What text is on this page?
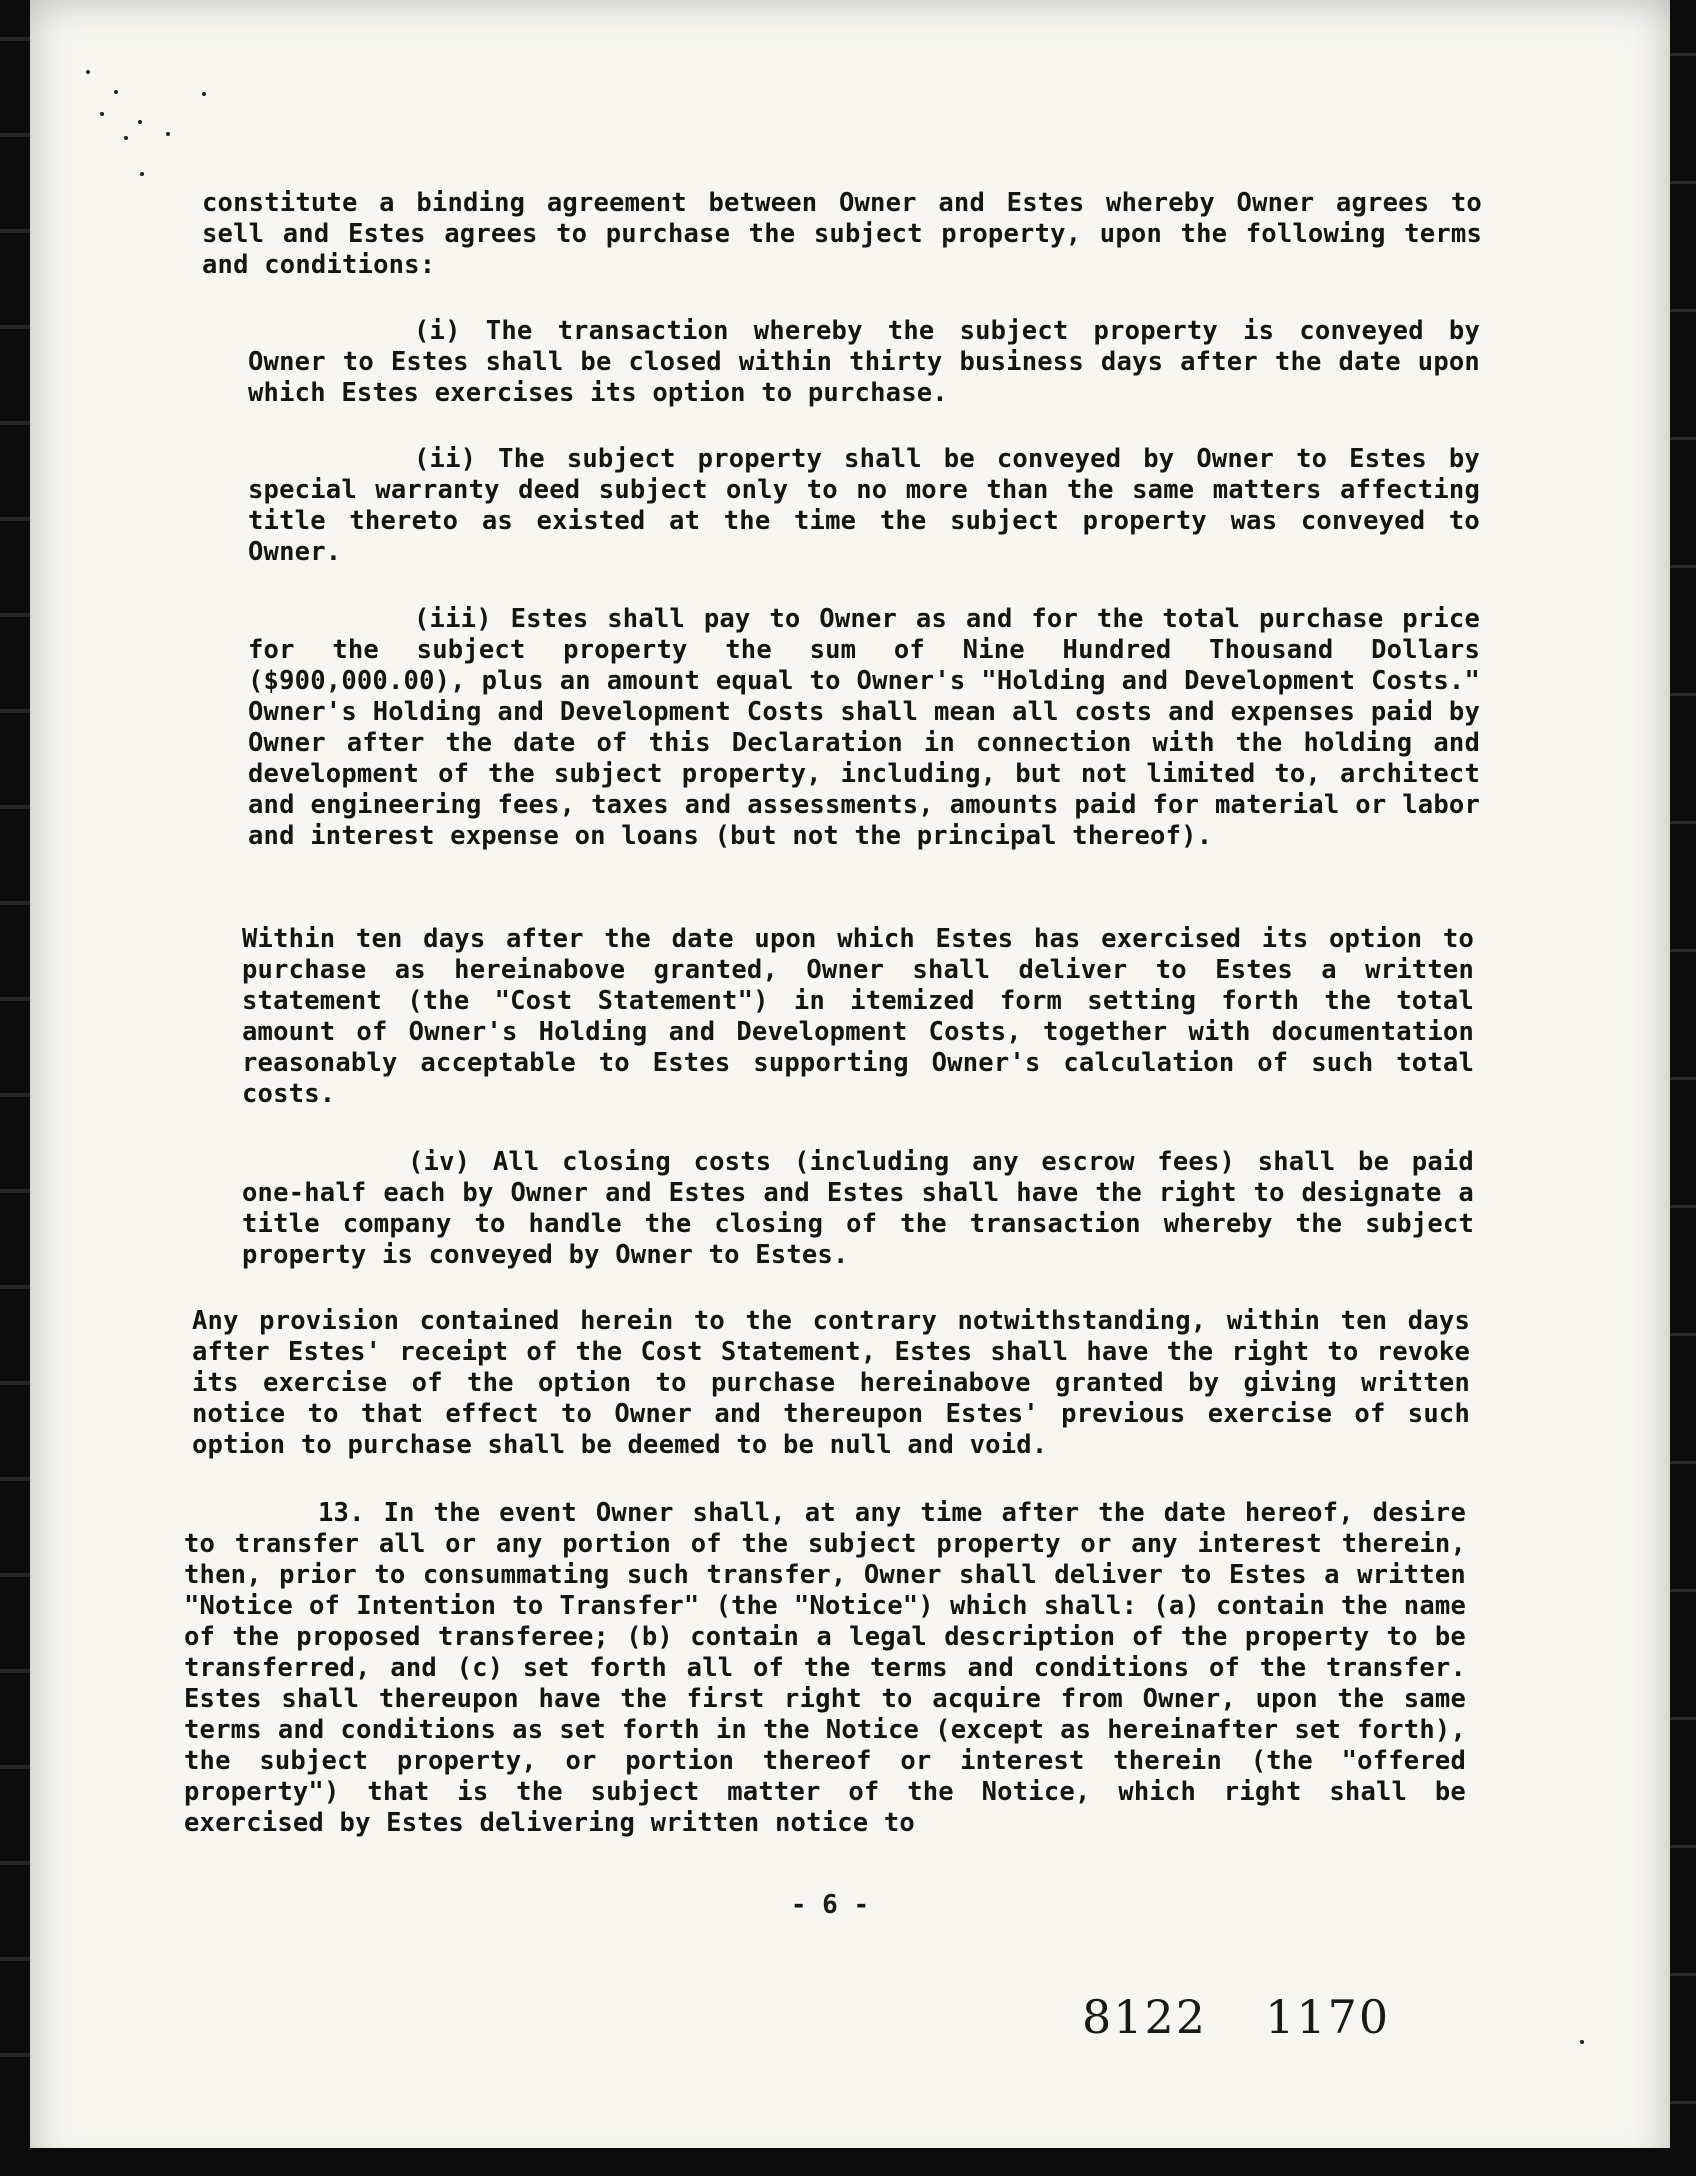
constitute a binding agreement between Owner and Estes whereby Owner agrees to sell and Estes agrees to purchase the subject property, upon the following terms and conditions:
(i) The transaction whereby the subject property is conveyed by Owner to Estes shall be closed within thirty business days after the date upon which Estes exercises its option to purchase.
(ii) The subject property shall be conveyed by Owner to Estes by special warranty deed subject only to no more than the same matters affecting title thereto as existed at the time the subject property was conveyed to Owner.
(iii) Estes shall pay to Owner as and for the total purchase price for the subject property the sum of Nine Hundred Thousand Dollars ($900,000.00), plus an amount equal to Owner's "Holding and Development Costs." Owner's Holding and Development Costs shall mean all costs and expenses paid by Owner after the date of this Declaration in connection with the holding and development of the subject property, including, but not limited to, architect and engineering fees, taxes and assessments, amounts paid for material or labor and interest expense on loans (but not the principal thereof).
Within ten days after the date upon which Estes has exercised its option to purchase as hereinabove granted, Owner shall deliver to Estes a written statement (the "Cost Statement") in itemized form setting forth the total amount of Owner's Holding and Development Costs, together with documentation reasonably acceptable to Estes supporting Owner's calculation of such total costs.
(iv) All closing costs (including any escrow fees) shall be paid one-half each by Owner and Estes and Estes shall have the right to designate a title company to handle the closing of the transaction whereby the subject property is conveyed by Owner to Estes.
Any provision contained herein to the contrary notwithstanding, within ten days after Estes' receipt of the Cost Statement, Estes shall have the right to revoke its exercise of the option to purchase hereinabove granted by giving written notice to that effect to Owner and thereupon Estes' previous exercise of such option to purchase shall be deemed to be null and void.
13. In the event Owner shall, at any time after the date hereof, desire to transfer all or any portion of the subject property or any interest therein, then, prior to consummating such transfer, Owner shall deliver to Estes a written "Notice of Intention to Transfer" (the "Notice") which shall: (a) contain the name of the proposed transferee; (b) contain a legal description of the property to be transferred, and (c) set forth all of the terms and conditions of the transfer. Estes shall thereupon have the first right to acquire from Owner, upon the same terms and conditions as set forth in the Notice (except as hereinafter set forth), the subject property, or portion thereof or interest therein (the "offered property") that is the subject matter of the Notice, which right shall be exercised by Estes delivering written notice to
- 6 -
8122 1170
